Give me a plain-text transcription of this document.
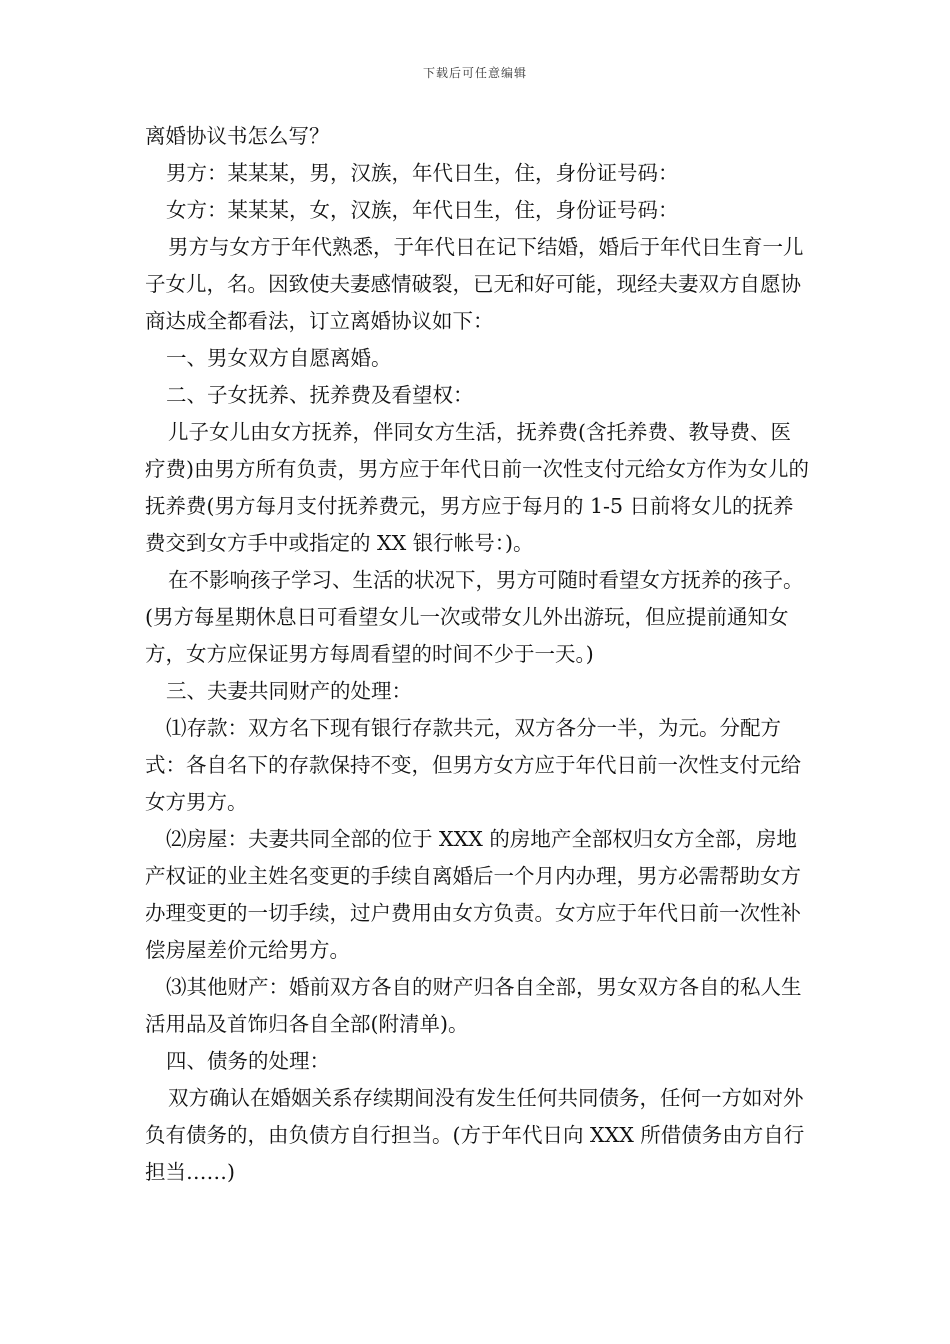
下载后可任意编辑

离婚协议书怎么写？

男方：某某某，男，汉族，年代日生，住，身份证号码：

女方：某某某，女，汉族，年代日生，住，身份证号码：

男方与女方于年代熟悉，于年代日在记下结婚，婚后于年代日生育一儿子女儿，名。因致使夫妻感情破裂，已无和好可能，现经夫妻双方自愿协商达成全都看法，订立离婚协议如下：

一、男女双方自愿离婚。

二、子女抚养、抚养费及看望权：

儿子女儿由女方抚养，伴同女方生活，抚养费(含托养费、教导费、医疗费)由男方所有负责，男方应于年代日前一次性支付元给女方作为女儿的抚养费(男方每月支付抚养费元，男方应于每月的 1-5 日前将女儿的抚养费交到女方手中或指定的 XX 银行帐号：)。

在不影响孩子学习、生活的状况下，男方可随时看望女方抚养的孩子。(男方每星期休息日可看望女儿一次或带女儿外出游玩，但应提前通知女方，女方应保证男方每周看望的时间不少于一天。)

三、夫妻共同财产的处理：

⑴存款：双方名下现有银行存款共元，双方各分一半，为元。分配方式：各自名下的存款保持不变，但男方女方应于年代日前一次性支付元给女方男方。

⑵房屋：夫妻共同全部的位于 XXX 的房地产全部权归女方全部，房地产权证的业主姓名变更的手续自离婚后一个月内办理，男方必需帮助女方办理变更的一切手续，过户费用由女方负责。女方应于年代日前一次性补偿房屋差价元给男方。

⑶其他财产：婚前双方各自的财产归各自全部，男女双方各自的私人生活用品及首饰归各自全部(附清单)。

四、债务的处理：

双方确认在婚姻关系存续期间没有发生任何共同债务，任何一方如对外负有债务的，由负债方自行担当。(方于年代日向 XXX 所借债务由方自行担当……)
